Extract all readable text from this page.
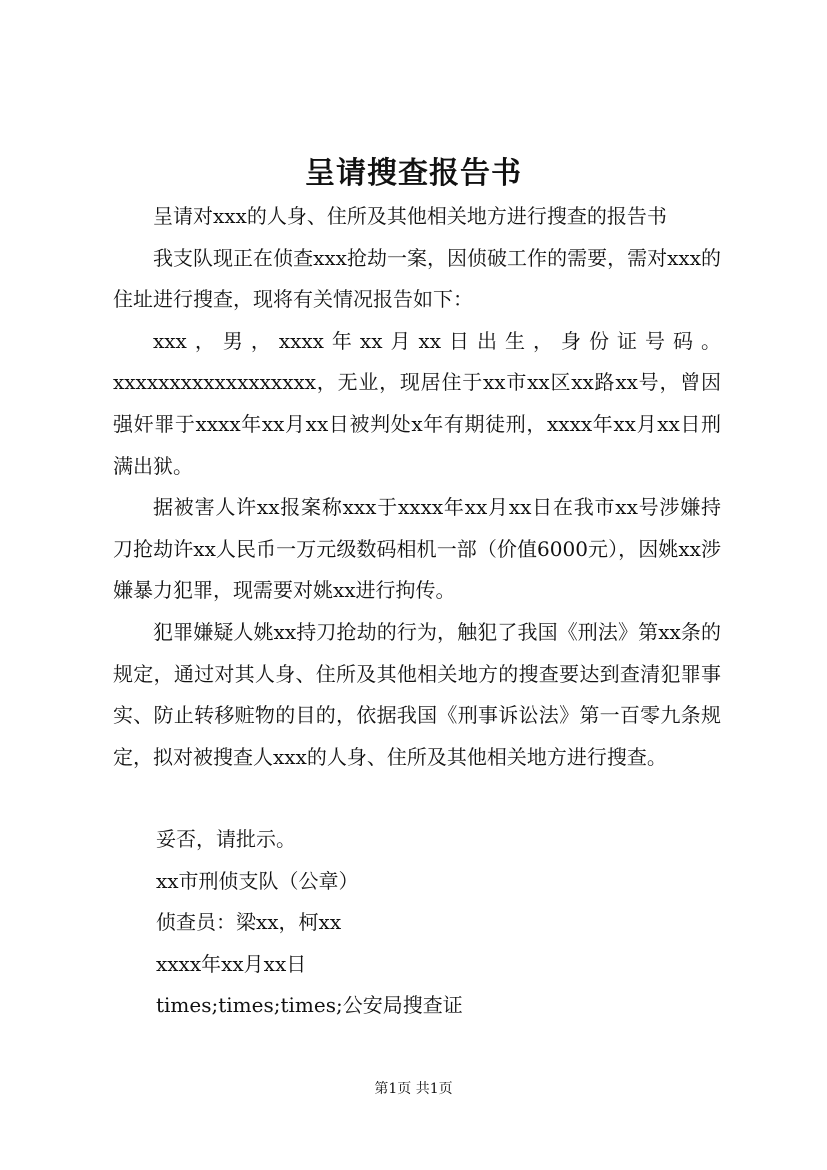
呈请搜查报告书

呈请对xxx的人身、住所及其他相关地方进行搜查的报告书

我支队现正在侦查xxx抢劫一案，因侦破工作的需要，需对xxx的住址进行搜查，现将有关情况报告如下：

xxx，男，xxxx年xx月xx日出生，身份证号码。xxxxxxxxxxxxxxxxxx，无业，现居住于xx市xx区xx路xx号，曾因强奸罪于xxxx年xx月xx日被判处x年有期徒刑，xxxx年xx月xx日刑满出狱。

据被害人许xx报案称xxx于xxxx年xx月xx日在我市xx号涉嫌持刀抢劫许xx人民币一万元级数码相机一部（价值6000元），因姚xx涉嫌暴力犯罪，现需要对姚xx进行拘传。

犯罪嫌疑人姚xx持刀抢劫的行为，触犯了我国《刑法》第xx条的规定，通过对其人身、住所及其他相关地方的搜查要达到查清犯罪事实、防止转移赃物的目的，依据我国《刑事诉讼法》第一百零九条规定，拟对被搜查人xxx的人身、住所及其他相关地方进行搜查。

妥否，请批示。
xx市刑侦支队（公章）
侦查员：梁xx，柯xx
xxxx年xx月xx日
times;times;times;公安局搜查证
第1页 共1页
